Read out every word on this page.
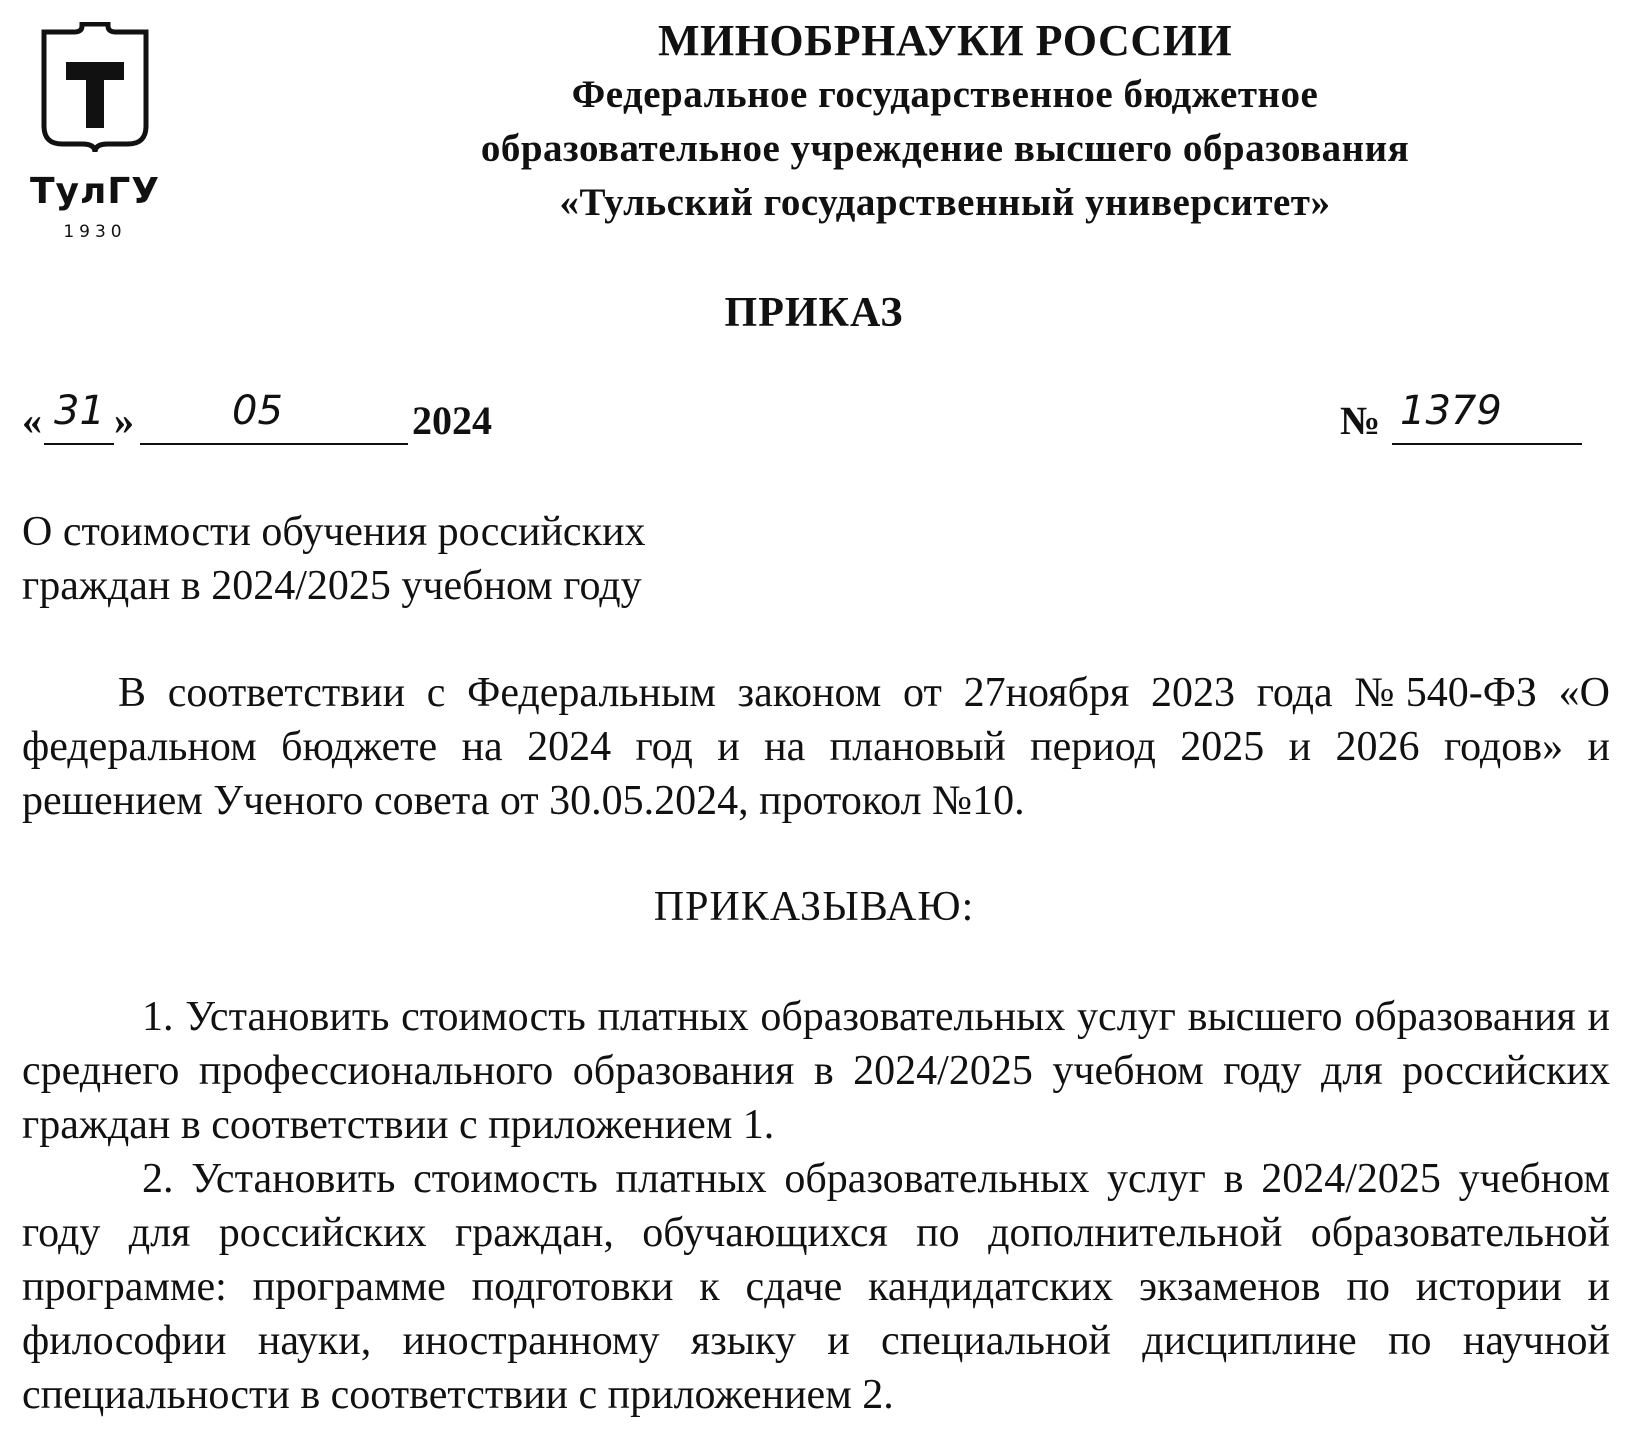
ТулГУ
1930
МИНОБРНАУКИ РОССИИ
Федеральное государственное бюджетное
образовательное учреждение высшего образования
«Тульский государственный университет»
ПРИКАЗ
« 31 » 05	2024	№ 1379
О стоимости обучения российских
граждан в 2024/2025 учебном году
В соответствии с Федеральным законом от 27ноября 2023 года №540-ФЗ «О федеральном бюджете на 2024 год и на плановый период 2025 и 2026 годов» и решением Ученого совета от 30.05.2024, протокол №10.
ПРИКАЗЫВАЮ:
1. Установить стоимость платных образовательных услуг высшего образования и среднего профессионального образования в 2024/2025 учебном году для российских граждан в соответствии с приложением 1.
2. Установить стоимость платных образовательных услуг в 2024/2025 учебном году для российских граждан, обучающихся по дополнительной образовательной программе: программе подготовки к сдаче кандидатских экзаменов по истории и философии науки, иностранному языку и специальной дисциплине по научной специальности в соответствии с приложением 2.
